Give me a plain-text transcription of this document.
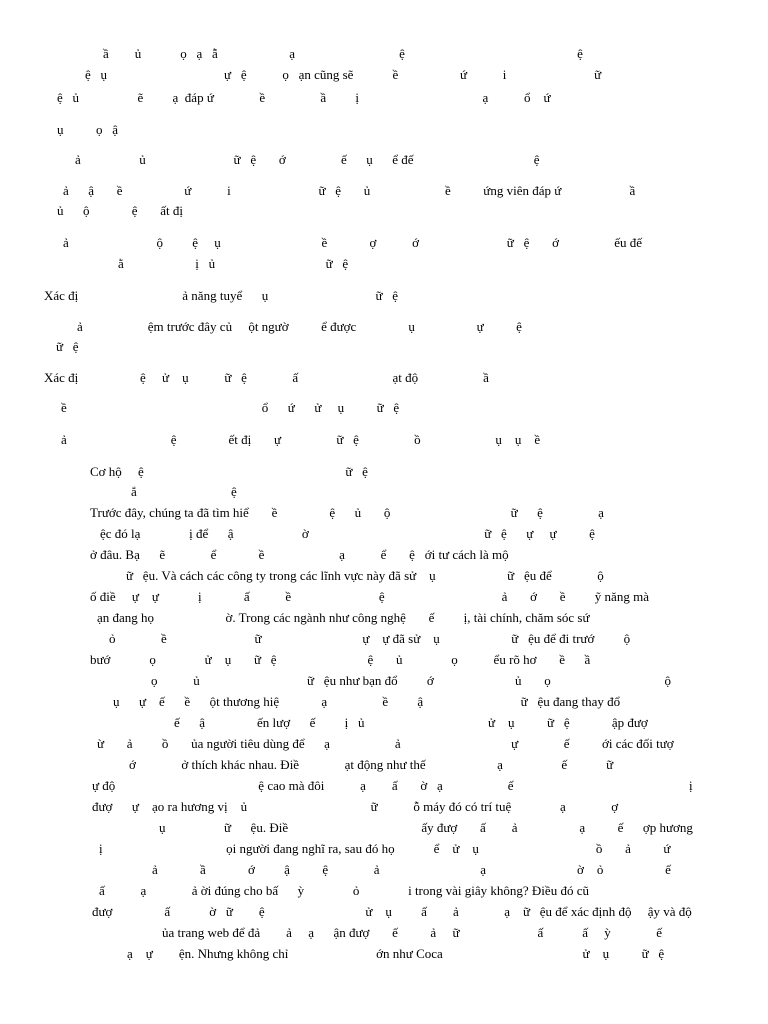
ầ        ủ            ọ   ạ   ẫ                      ạ                                ệ                                                     ệ
ệ   ụ                                    ự   ệ           ọ   ạn cũng sẽ            ề                   ứ           i                           ữ
ệ   ủ                  ẽ         ạ  đáp ứ              ề                 ầ         ị                                      ạ           ổ    ứ
ụ          ọ   ậ
ả                  ủ                           ữ   ệ       ớ                 ế      ụ      ể đế                                     ệ
ả      ậ       ề                   ứ           i                           ữ   ệ       ủ                       ề          ứng viên đáp ứ                     ầ
ủ      ộ             ệ       ất đị
ả                           ộ         ệ     ụ                               ề             ợ           ớ                           ữ   ệ       ớ                 ếu đế
ằ                      ị   ủ                                  ữ   ệ
Xác đị                                ả năng tuyể      ụ                                 ữ   ệ
ả                    ệm trước đây củ     ột ngườ          ể được                ụ                   ự          ệ
ữ   ệ
Xác đị                   ệ     ử    ụ           ữ   ệ              ấ                             ạt độ                    ầ
ề                                                            ổ      ứ      ử     ụ          ữ   ệ
ả                                ệ                ết đị       ự                 ữ   ệ                 ồ                       ụ    ụ    ề
Cơ hộ     ệ                                                              ữ   ệ
ắ                             ệ
Trước đây, chúng ta đã tìm hiể       ề                ệ      ủ       ộ                                     ữ      ệ                 ạ
ệc đó lạ               ị để      ậ                     ờ                                                      ữ   ệ      ự     ự          ệ
ở đâu. Bạ      ẽ              ể             ề                       ạ           ể       ệ   ới tư cách là mộ
ữ   ệu. Và cách các công ty trong các lĩnh vực này đã sử    ụ                      ữ   ệu để              ộ
ố điề     ự    ự            ị             ấ           ề                           ệ                                    ả       ớ       ề         ỹ năng mà
ạn đang họ                      ờ. Trong các ngành như công nghệ       ế         ị, tài chính, chăm sóc sứ
ỏ              ề                           ữ                               ự    ự đã sử    ụ                      ữ   ệu để đi trướ         ộ
bướ            ọ               ử    ụ       ữ   ệ                            ệ       ủ               ọ           ểu rõ hơ       ề      ầ
ọ           ủ                                 ữ   ệu như bạn đổ         ớ                         ủ       ọ                                   ộ
ụ      ự    ế      ề      ột thương hiệ             ạ                 ề         ậ                              ữ   ệu đang thay đổ
ế      ậ                ến lượ      ế         ị   ủ                                      ử    ụ          ữ   ệ             ập đượ
ừ       ả         ồ       ủa người tiêu dùng để      ạ                    ả                                  ự              ế          ới các đối tượ
ớ              ở thích khác nhau. Điề              ạt động như thế                      ạ                  ế            ữ
ự độ                                            ệ cao mà đôi           ạ        ấ       ờ   ạ                    ế                                                      ị
đượ      ự    ạo ra hương vị    ủ                                      ữ           ỗ máy đó có trí tuệ               ạ              ợ
ụ                  ữ      ệu. Điề                                         ấy đượ       ấ        ả                   ạ          ế      ợp hương
ị                                      ọi người đang nghĩ ra, sau đó họ            ể    ử    ụ                                    ồ       ả          ứ
ả             ầ             ớ         ậ          ệ              ả                               ạ                            ờ    ỏ                   ế
ấ           ạ              ả ời đúng cho bấ      ỳ               ỏ               i trong vài giây không? Điều đó cũ
đượ                ấ            ờ   ữ        ệ                               ử    ụ         ấ        ả              ạ    ữ   ệu để xác định độ     ậy và độ
ủa trang web để đả        ả     ạ      ận đượ       ế          ả     ữ                        ấ            ấ     ỳ              ế
ạ    ự        ện. Nhưng không chỉ                           ớn như Coca                                           ử    ụ          ữ   ệ
